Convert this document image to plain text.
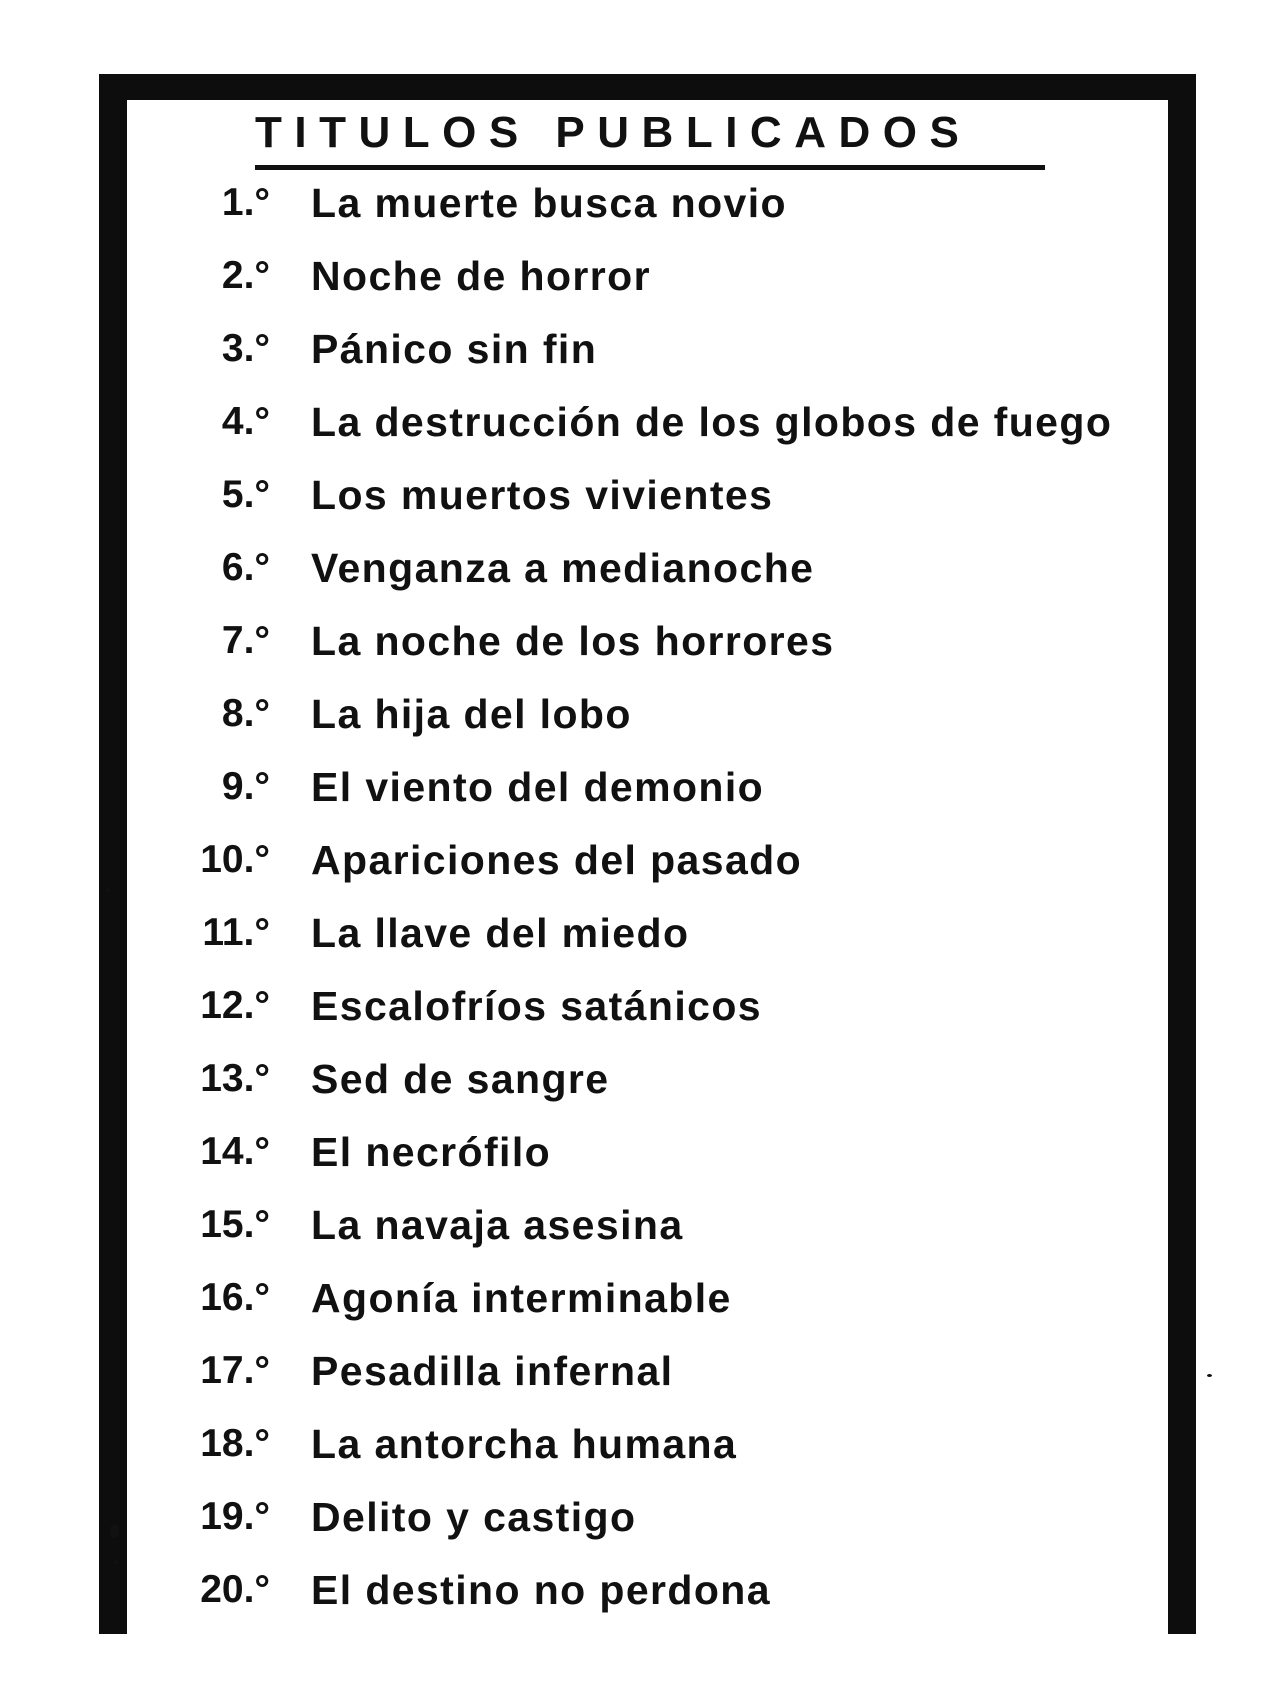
TITULOS PUBLICADOS
1.° La muerte busca novio
2.° Noche de horror
3.° Pánico sin fin
4.° La destrucción de los globos de fuego
5.° Los muertos vivientes
6.° Venganza a medianoche
7.° La noche de los horrores
8.° La hija del lobo
9.° El viento del demonio
10.° Apariciones del pasado
11.° La llave del miedo
12.° Escalofríos satánicos
13.° Sed de sangre
14.° El necrófilo
15.° La navaja asesina
16.° Agonía interminable
17.° Pesadilla infernal
18.° La antorcha humana
19.° Delito y castigo
20.° El destino no perdona
